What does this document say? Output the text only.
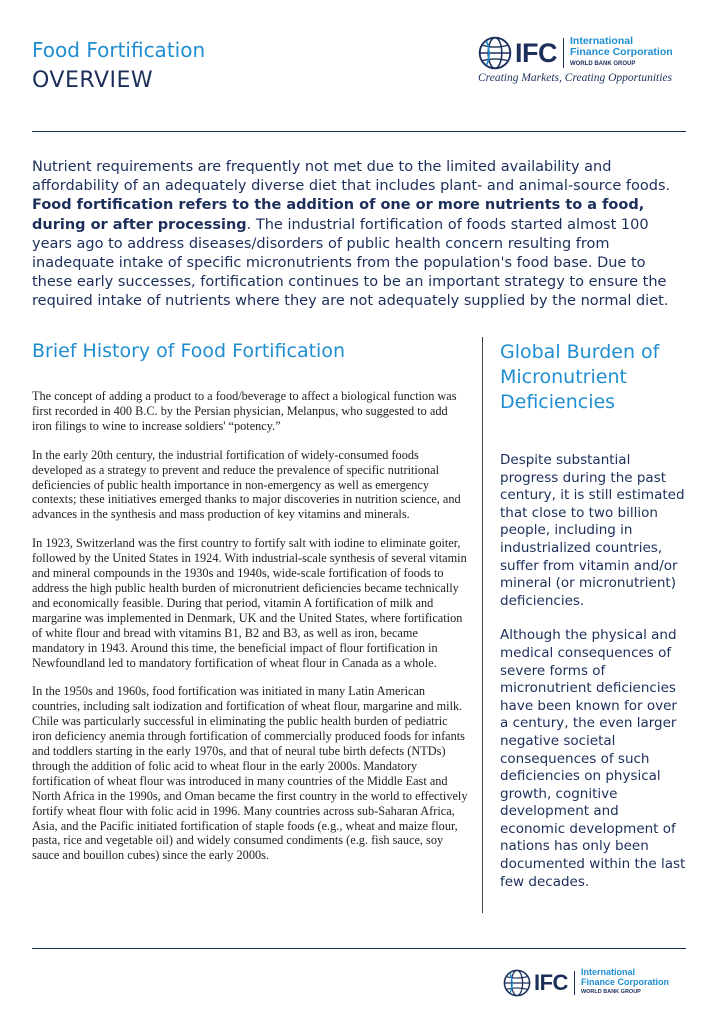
Food Fortification
OVERVIEW
IFC International
Finance Corporation
WORLD BANK GROUP
Creating Markets, Creating Opportunities

Nutrient requirements are frequently not met due to the limited availability and affordability of an adequately diverse diet that includes plant- and animal-source foods. Food fortification refers to the addition of one or more nutrients to a food, during or after processing. The industrial fortification of foods started almost 100 years ago to address diseases/disorders of public health concern resulting from inadequate intake of specific micronutrients from the population's food base. Due to these early successes, fortification continues to be an important strategy to ensure the required intake of nutrients where they are not adequately supplied by the normal diet.

Brief History of Food Fortification

The concept of adding a product to a food/beverage to affect a biological function was first recorded in 400 B.C. by the Persian physician, Melanpus, who suggested to add iron filings to wine to increase soldiers' “potency.”

In the early 20th century, the industrial fortification of widely-consumed foods developed as a strategy to prevent and reduce the prevalence of specific nutritional deficiencies of public health importance in non-emergency as well as emergency contexts; these initiatives emerged thanks to major discoveries in nutrition science, and advances in the synthesis and mass production of key vitamins and minerals.

In 1923, Switzerland was the first country to fortify salt with iodine to eliminate goiter, followed by the United States in 1924. With industrial-scale synthesis of several vitamin and mineral compounds in the 1930s and 1940s, wide-scale fortification of foods to address the high public health burden of micronutrient deficiencies became technically and economically feasible. During that period, vitamin A fortification of milk and margarine was implemented in Denmark, UK and the United States, where fortification of white flour and bread with vitamins B1, B2 and B3, as well as iron, became mandatory in 1943. Around this time, the beneficial impact of flour fortification in Newfoundland led to mandatory fortification of wheat flour in Canada as a whole.

In the 1950s and 1960s, food fortification was initiated in many Latin American countries, including salt iodization and fortification of wheat flour, margarine and milk. Chile was particularly successful in eliminating the public health burden of pediatric iron deficiency anemia through fortification of commercially produced foods for infants and toddlers starting in the early 1970s, and that of neural tube birth defects (NTDs) through the addition of folic acid to wheat flour in the early 2000s. Mandatory fortification of wheat flour was introduced in many countries of the Middle East and North Africa in the 1990s, and Oman became the first country in the world to effectively fortify wheat flour with folic acid in 1996. Many countries across sub-Saharan Africa, Asia, and the Pacific initiated fortification of staple foods (e.g., wheat and maize flour, pasta, rice and vegetable oil) and widely consumed condiments (e.g. fish sauce, soy sauce and bouillon cubes) since the early 2000s.

Global Burden of Micronutrient Deficiencies

Despite substantial progress during the past century, it is still estimated that close to two billion people, including in industrialized countries, suffer from vitamin and/or mineral (or micronutrient) deficiencies.

Although the physical and medical consequences of severe forms of micronutrient deficiencies have been known for over a century, the even larger negative societal consequences of such deficiencies on physical growth, cognitive development and economic development of nations has only been documented within the last few decades.

IFC International
Finance Corporation
WORLD BANK GROUP
